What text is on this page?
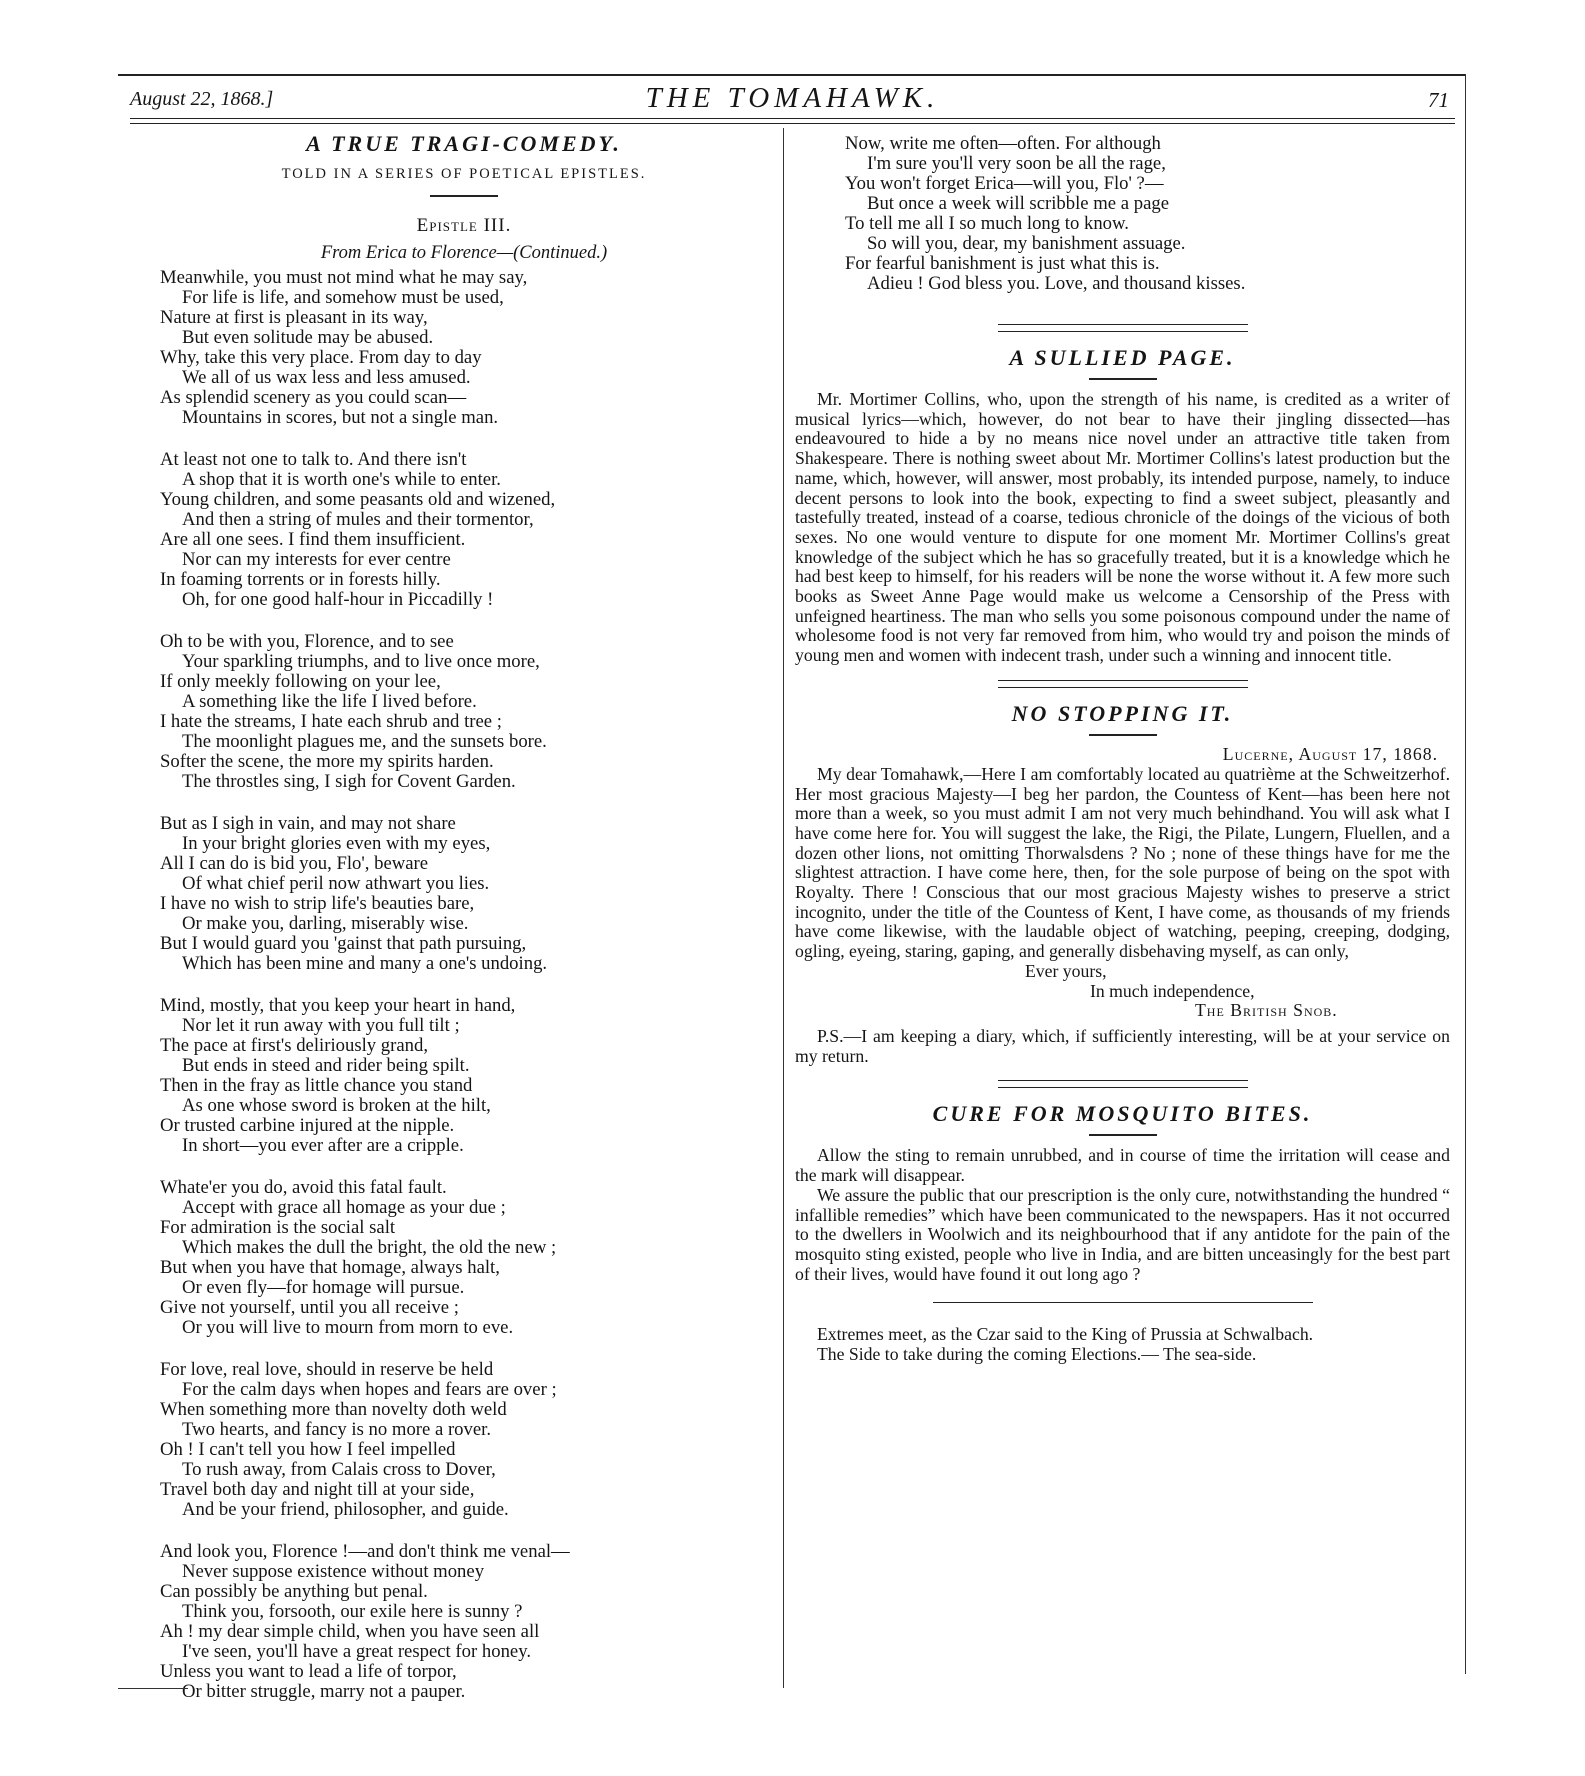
August 22, 1868.]	THE TOMAHAWK.	71
A TRUE TRAGI-COMEDY.
TOLD IN A SERIES OF POETICAL EPISTLES.
Epistle III.
From Erica to Florence—(Continued.)
Meanwhile, you must not mind what he may say,
For life is life, and somehow must be used,
Nature at first is pleasant in its way,
But even solitude may be abused.
Why, take this very place. From day to day
We all of us wax less and less amused.
As splendid scenery as you could scan—
Mountains in scores, but not a single man.
At least not one to talk to. And there isn't
A shop that it is worth one's while to enter.
Young children, and some peasants old and wizened,
And then a string of mules and their tormentor,
Are all one sees. I find them insufficient.
Nor can my interests for ever centre
In foaming torrents or in forests hilly.
Oh, for one good half-hour in Piccadilly !
Oh to be with you, Florence, and to see
Your sparkling triumphs, and to live once more,
If only meekly following on your lee,
A something like the life I lived before.
I hate the streams, I hate each shrub and tree ;
The moonlight plagues me, and the sunsets bore.
Softer the scene, the more my spirits harden.
The throstles sing, I sigh for Covent Garden.
But as I sigh in vain, and may not share
In your bright glories even with my eyes,
All I can do is bid you, Flo', beware
Of what chief peril now athwart you lies.
I have no wish to strip life's beauties bare,
Or make you, darling, miserably wise.
But I would guard you 'gainst that path pursuing,
Which has been mine and many a one's undoing.
Mind, mostly, that you keep your heart in hand,
Nor let it run away with you full tilt ;
The pace at first's deliriously grand,
But ends in steed and rider being spilt.
Then in the fray as little chance you stand
As one whose sword is broken at the hilt,
Or trusted carbine injured at the nipple.
In short—you ever after are a cripple.
Whate'er you do, avoid this fatal fault.
Accept with grace all homage as your due ;
For admiration is the social salt
Which makes the dull the bright, the old the new ;
But when you have that homage, always halt,
Or even fly—for homage will pursue.
Give not yourself, until you all receive ;
Or you will live to mourn from morn to eve.
For love, real love, should in reserve be held
For the calm days when hopes and fears are over ;
When something more than novelty doth weld
Two hearts, and fancy is no more a rover.
Oh ! I can't tell you how I feel impelled
To rush away, from Calais cross to Dover,
Travel both day and night till at your side,
And be your friend, philosopher, and guide.
And look you, Florence !—and don't think me venal—
Never suppose existence without money
Can possibly be anything but penal.
Think you, forsooth, our exile here is sunny ?
Ah ! my dear simple child, when you have seen all
I've seen, you'll have a great respect for honey.
Unless you want to lead a life of torpor,
Or bitter struggle, marry not a pauper.
Now, write me often—often. For although
I'm sure you'll very soon be all the rage,
You won't forget Erica—will you, Flo' ?—
But once a week will scribble me a page
To tell me all I so much long to know.
So will you, dear, my banishment assuage.
For fearful banishment is just what this is.
Adieu ! God bless you. Love, and thousand kisses.
A SULLIED PAGE.

Mr. Mortimer Collins, who, upon the strength of his name, is credited as a writer of musical lyrics—which, however, do not bear to have their jingling dissected—has endeavoured to hide a by no means nice novel under an attractive title taken from Shakespeare. There is nothing sweet about Mr. Mortimer Collins's latest production but the name, which, however, will answer, most probably, its intended purpose, namely, to induce decent persons to look into the book, expecting to find a sweet subject, pleasantly and tastefully treated, instead of a coarse, tedious chronicle of the doings of the vicious of both sexes. No one would venture to dispute for one moment Mr. Mortimer Collins's great knowledge of the subject which he has so gracefully treated, but it is a knowledge which he had best keep to himself, for his readers will be none the worse without it. A few more such books as Sweet Anne Page would make us welcome a Censorship of the Press with unfeigned heartiness. The man who sells you some poisonous compound under the name of wholesome food is not very far removed from him, who would try and poison the minds of young men and women with indecent trash, under such a winning and innocent title.

NO STOPPING IT.
Lucerne, August 17, 1868.

My dear Tomahawk,—Here I am comfortably located au quatrième at the Schweitzerhof. Her most gracious Majesty—I beg her pardon, the Countess of Kent—has been here not more than a week, so you must admit I am not very much behindhand. You will ask what I have come here for. You will suggest the lake, the Rigi, the Pilate, Lungern, Fluellen, and a dozen other lions, not omitting Thorwalsdens ? No ; none of these things have for me the slightest attraction. I have come here, then, for the sole purpose of being on the spot with Royalty. There ! Conscious that our most gracious Majesty wishes to preserve a strict incognito, under the title of the Countess of Kent, I have come, as thousands of my friends have come likewise, with the laudable object of watching, peeping, creeping, dodging, ogling, eyeing, staring, gaping, and generally disbehaving myself, as can only,

Ever yours,
In much independence,
The British Snob.

P.S.—I am keeping a diary, which, if sufficiently interesting, will be at your service on my return.

CURE FOR MOSQUITO BITES.

Allow the sting to remain unrubbed, and in course of time the irritation will cease and the mark will disappear.

We assure the public that our prescription is the only cure, notwithstanding the hundred “ infallible remedies” which have been communicated to the newspapers. Has it not occurred to the dwellers in Woolwich and its neighbourhood that if any antidote for the pain of the mosquito sting existed, people who live in India, and are bitten unceasingly for the best part of their lives, would have found it out long ago ?

Extremes meet, as the Czar said to the King of Prussia at Schwalbach.

The Side to take during the coming Elections.— The sea-side.
